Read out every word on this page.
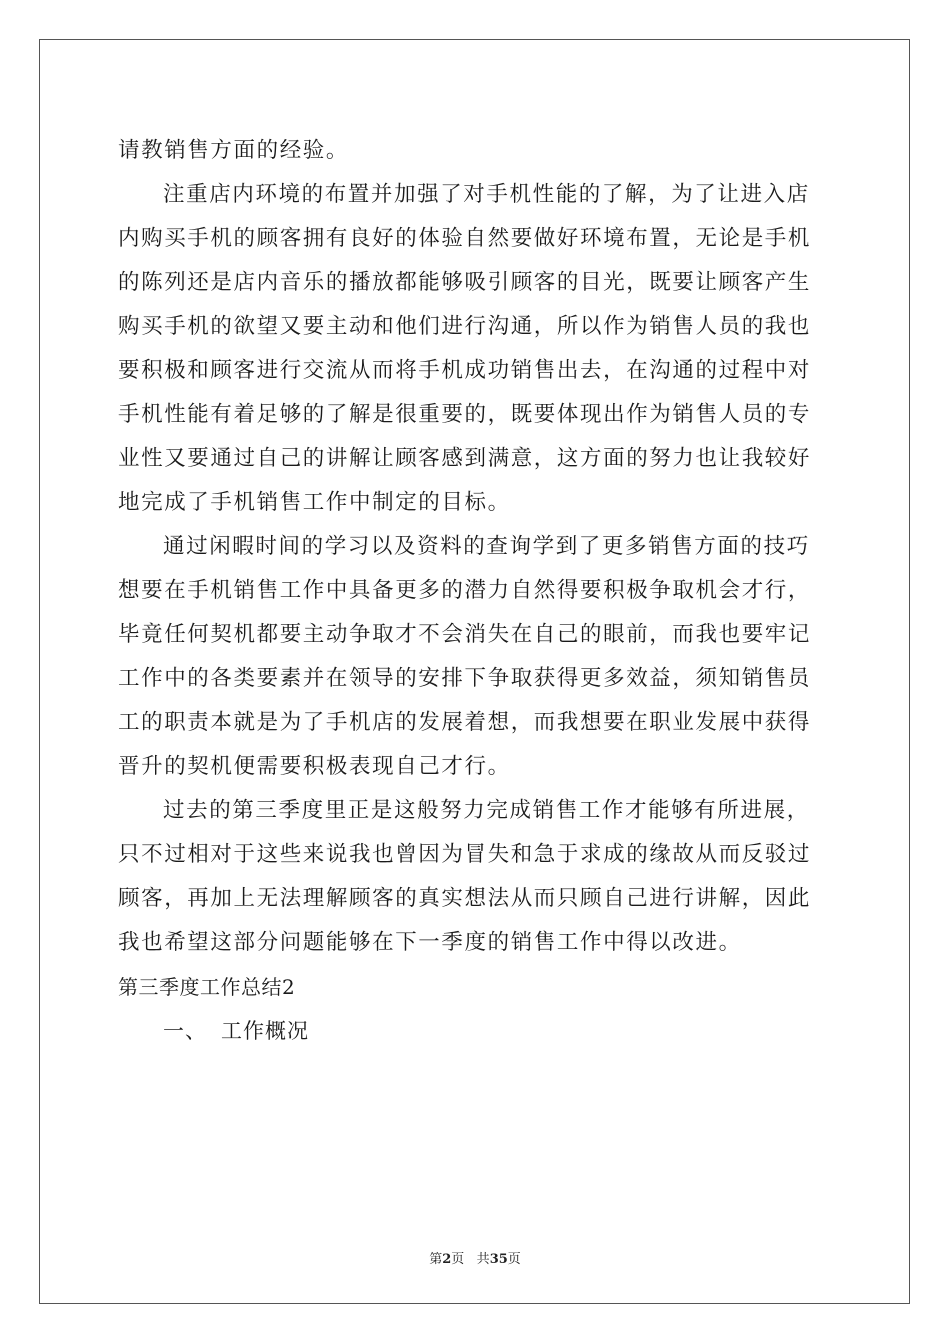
请教销售方面的经验。
注重店内环境的布置并加强了对手机性能的了解，为了让进入店
内购买手机的顾客拥有良好的体验自然要做好环境布置，无论是手机
的陈列还是店内音乐的播放都能够吸引顾客的目光，既要让顾客产生
购买手机的欲望又要主动和他们进行沟通，所以作为销售人员的我也
要积极和顾客进行交流从而将手机成功销售出去，在沟通的过程中对
手机性能有着足够的了解是很重要的，既要体现出作为销售人员的专
业性又要通过自己的讲解让顾客感到满意，这方面的努力也让我较好
地完成了手机销售工作中制定的目标。
通过闲暇时间的学习以及资料的查询学到了更多销售方面的技巧
想要在手机销售工作中具备更多的潜力自然得要积极争取机会才行，
毕竟任何契机都要主动争取才不会消失在自己的眼前，而我也要牢记
工作中的各类要素并在领导的安排下争取获得更多效益，须知销售员
工的职责本就是为了手机店的发展着想，而我想要在职业发展中获得
晋升的契机便需要积极表现自己才行。
过去的第三季度里正是这般努力完成销售工作才能够有所进展，
只不过相对于这些来说我也曾因为冒失和急于求成的缘故从而反驳过
顾客，再加上无法理解顾客的真实想法从而只顾自己进行讲解，因此
我也希望这部分问题能够在下一季度的销售工作中得以改进。
第三季度工作总结2
一、 工作概况
第2页 共35页
